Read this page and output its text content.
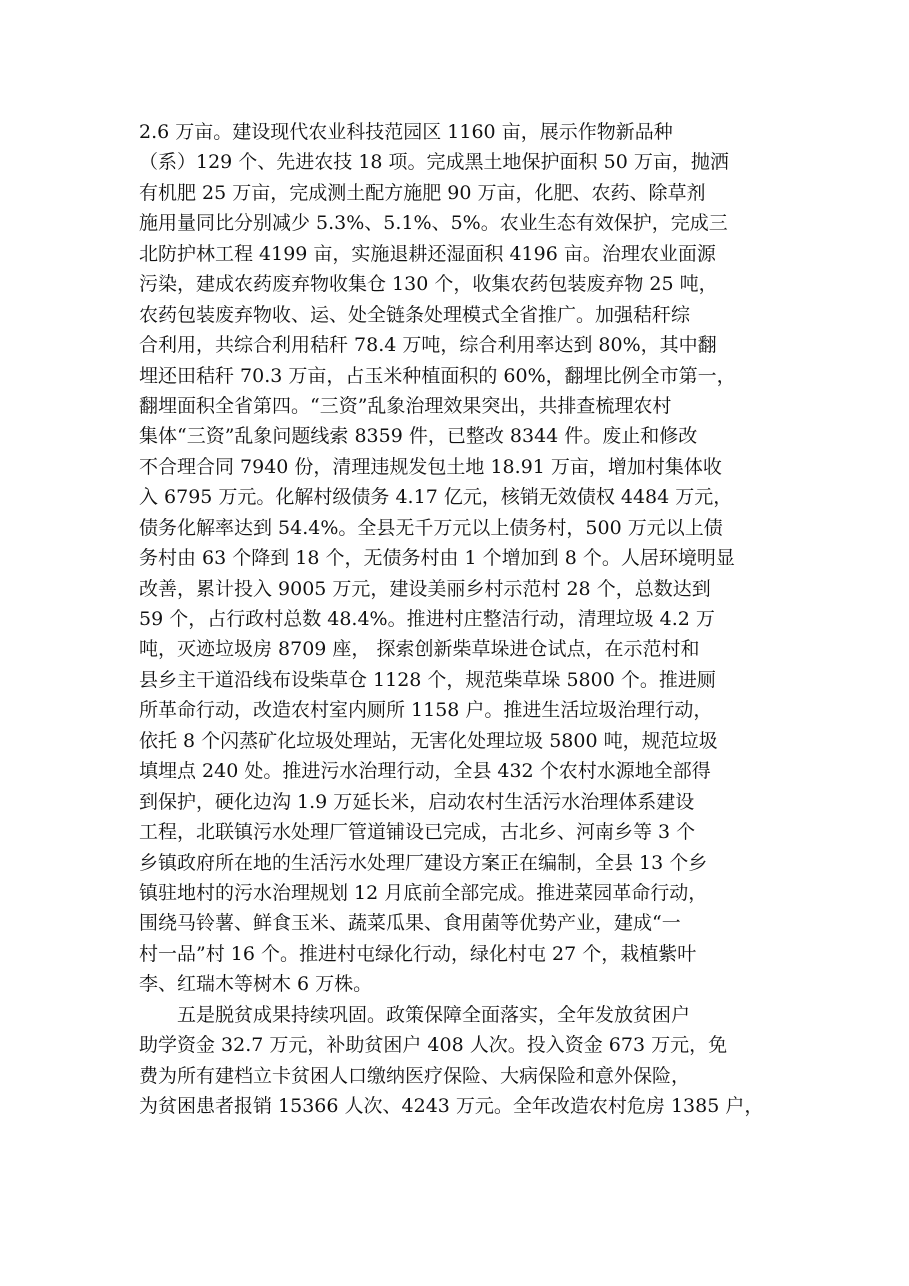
2.6 万亩。建设现代农业科技范园区 1160 亩，展示作物新品种
（系）129 个、先进农技 18 项。完成黑土地保护面积 50 万亩，抛洒
有机肥 25 万亩，完成测土配方施肥 90 万亩，化肥、农药、除草剂
施用量同比分别减少 5.3%、5.1%、5%。农业生态有效保护，完成三
北防护林工程 4199 亩，实施退耕还湿面积 4196 亩。治理农业面源
污染，建成农药废弃物收集仓 130 个，收集农药包装废弃物 25 吨，
农药包装废弃物收、运、处全链条处理模式全省推广。加强秸秆综
合利用，共综合利用秸秆 78.4 万吨，综合利用率达到 80%，其中翻
埋还田秸秆 70.3 万亩，占玉米种植面积的 60%，翻埋比例全市第一，
翻埋面积全省第四。“三资”乱象治理效果突出，共排查梳理农村
集体“三资”乱象问题线索 8359 件，已整改 8344 件。废止和修改
不合理合同 7940 份，清理违规发包土地 18.91 万亩，增加村集体收
入 6795 万元。化解村级债务 4.17 亿元，核销无效债权 4484 万元，
债务化解率达到 54.4%。全县无千万元以上债务村，500 万元以上债
务村由 63 个降到 18 个，无债务村由 1 个增加到 8 个。人居环境明显
改善，累计投入 9005 万元，建设美丽乡村示范村 28 个，总数达到
59 个，占行政村总数 48.4%。推进村庄整洁行动，清理垃圾 4.2 万
吨，灭迹垃圾房 8709 座， 探索创新柴草垛进仓试点，在示范村和
县乡主干道沿线布设柴草仓 1128 个，规范柴草垛 5800 个。推进厕
所革命行动，改造农村室内厕所 1158 户。推进生活垃圾治理行动，
依托 8 个闪蒸矿化垃圾处理站，无害化处理垃圾 5800 吨，规范垃圾
填埋点 240 处。推进污水治理行动，全县 432 个农村水源地全部得
到保护，硬化边沟 1.9 万延长米，启动农村生活污水治理体系建设
工程，北联镇污水处理厂管道铺设已完成，古北乡、河南乡等 3 个
乡镇政府所在地的生活污水处理厂建设方案正在编制，全县 13 个乡
镇驻地村的污水治理规划 12 月底前全部完成。推进菜园革命行动，
围绕马铃薯、鲜食玉米、蔬菜瓜果、食用菌等优势产业，建成“一
村一品”村 16 个。推进村屯绿化行动，绿化村屯 27 个，栽植紫叶
李、红瑞木等树木 6 万株。
五是脱贫成果持续巩固。政策保障全面落实，全年发放贫困户
助学资金 32.7 万元，补助贫困户 408 人次。投入资金 673 万元，免
费为所有建档立卡贫困人口缴纳医疗保险、大病保险和意外保险，
为贫困患者报销 15366 人次、4243 万元。全年改造农村危房 1385 户，
